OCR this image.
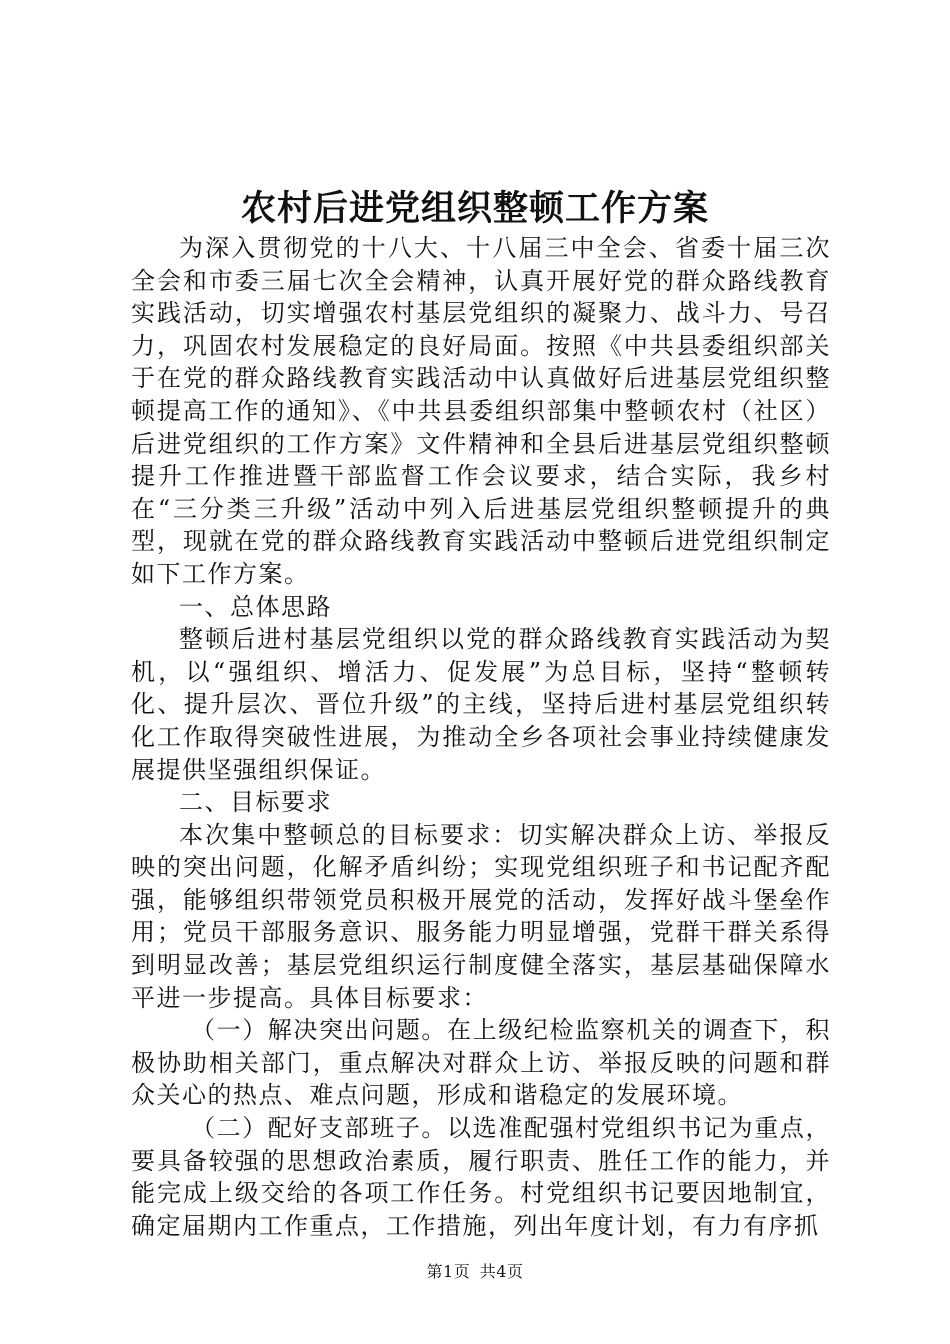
农村后进党组织整顿工作方案

为深入贯彻党的十八大、十八届三中全会、省委十届三次全会和市委三届七次全会精神，认真开展好党的群众路线教育实践活动，切实增强农村基层党组织的凝聚力、战斗力、号召力，巩固农村发展稳定的良好局面。按照《中共县委组织部关于在党的群众路线教育实践活动中认真做好后进基层党组织整顿提高工作的通知》、《中共县委组织部集中整顿农村（社区）后进党组织的工作方案》文件精神和全县后进基层党组织整顿提升工作推进暨干部监督工作会议要求，结合实际，我乡村在“三分类三升级”活动中列入后进基层党组织整顿提升的典型，现就在党的群众路线教育实践活动中整顿后进党组织制定如下工作方案。

一、总体思路

整顿后进村基层党组织以党的群众路线教育实践活动为契机，以“强组织、增活力、促发展”为总目标，坚持“整顿转化、提升层次、晋位升级”的主线，坚持后进村基层党组织转化工作取得突破性进展，为推动全乡各项社会事业持续健康发展提供坚强组织保证。

二、目标要求

本次集中整顿总的目标要求：切实解决群众上访、举报反映的突出问题，化解矛盾纠纷；实现党组织班子和书记配齐配强，能够组织带领党员积极开展党的活动，发挥好战斗堡垒作用；党员干部服务意识、服务能力明显增强，党群干群关系得到明显改善；基层党组织运行制度健全落实，基层基础保障水平进一步提高。具体目标要求：

（一）解决突出问题。在上级纪检监察机关的调查下，积极协助相关部门，重点解决对群众上访、举报反映的问题和群众关心的热点、难点问题，形成和谐稳定的发展环境。

（二）配好支部班子。以选准配强村党组织书记为重点，要具备较强的思想政治素质，履行职责、胜任工作的能力，并能完成上级交给的各项工作任务。村党组织书记要因地制宜，确定届期内工作重点，工作措施，列出年度计划，有力有序抓

第1页 共4页
